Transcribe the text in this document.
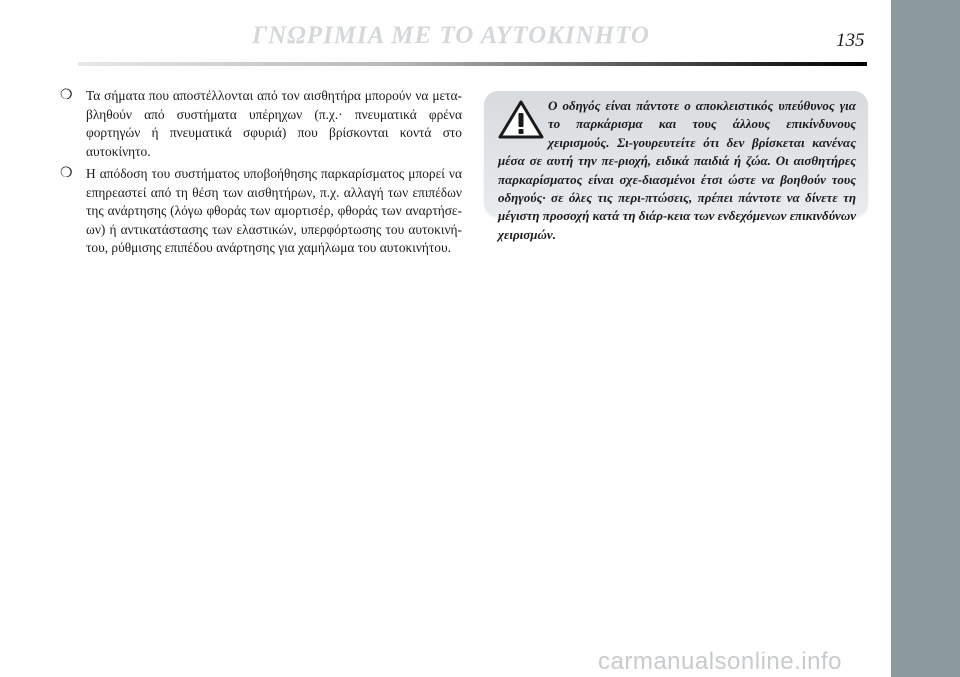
ΓΝΩΡΙΜΙΑ ΜΕ ΤΟ ΑΥΤΟΚΙΝΗΤΟ	135
❍	Τα σήματα που αποστέλλονται από τον αισθητήρα μπορούν να μετα-βληθούν από συστήματα υπέρηχων (π.χ.· πνευματικά φρένα φορτηγών ή πνευματικά σφυριά) που βρίσκονται κοντά στο αυτοκίνητο.
❍	Η απόδοση του συστήματος υποβοήθησης παρκαρίσματος μπορεί να επηρεαστεί από τη θέση των αισθητήρων, π.χ. αλλαγή των επιπέδων της ανάρτησης (λόγω φθοράς των αμορτισέρ, φθοράς των αναρτήσε-ων) ή αντικατάστασης των ελαστικών, υπερφόρτωσης του αυτοκινή-του, ρύθμισης επιπέδου ανάρτησης για χαμήλωμα του αυτοκινήτου.
Ο οδηγός είναι πάντοτε ο αποκλειστικός υπεύθυνος για το παρκάρισμα και τους άλλους επικίνδυνους χειρισμούς. Σι-γουρευτείτε ότι δεν βρίσκεται κανένας μέσα σε αυτή την πε-ριοχή, ειδικά παιδιά ή ζώα. Οι αισθητήρες παρκαρίσματος είναι σχε-διασμένοι έτσι ώστε να βοηθούν τους οδηγούς· σε όλες τις περι-πτώσεις, πρέπει πάντοτε να δίνετε τη μέγιστη προσοχή κατά τη διάρ-κεια των ενδεχόμενων επικινδύνων χειρισμών.
carmanualsonline.info
